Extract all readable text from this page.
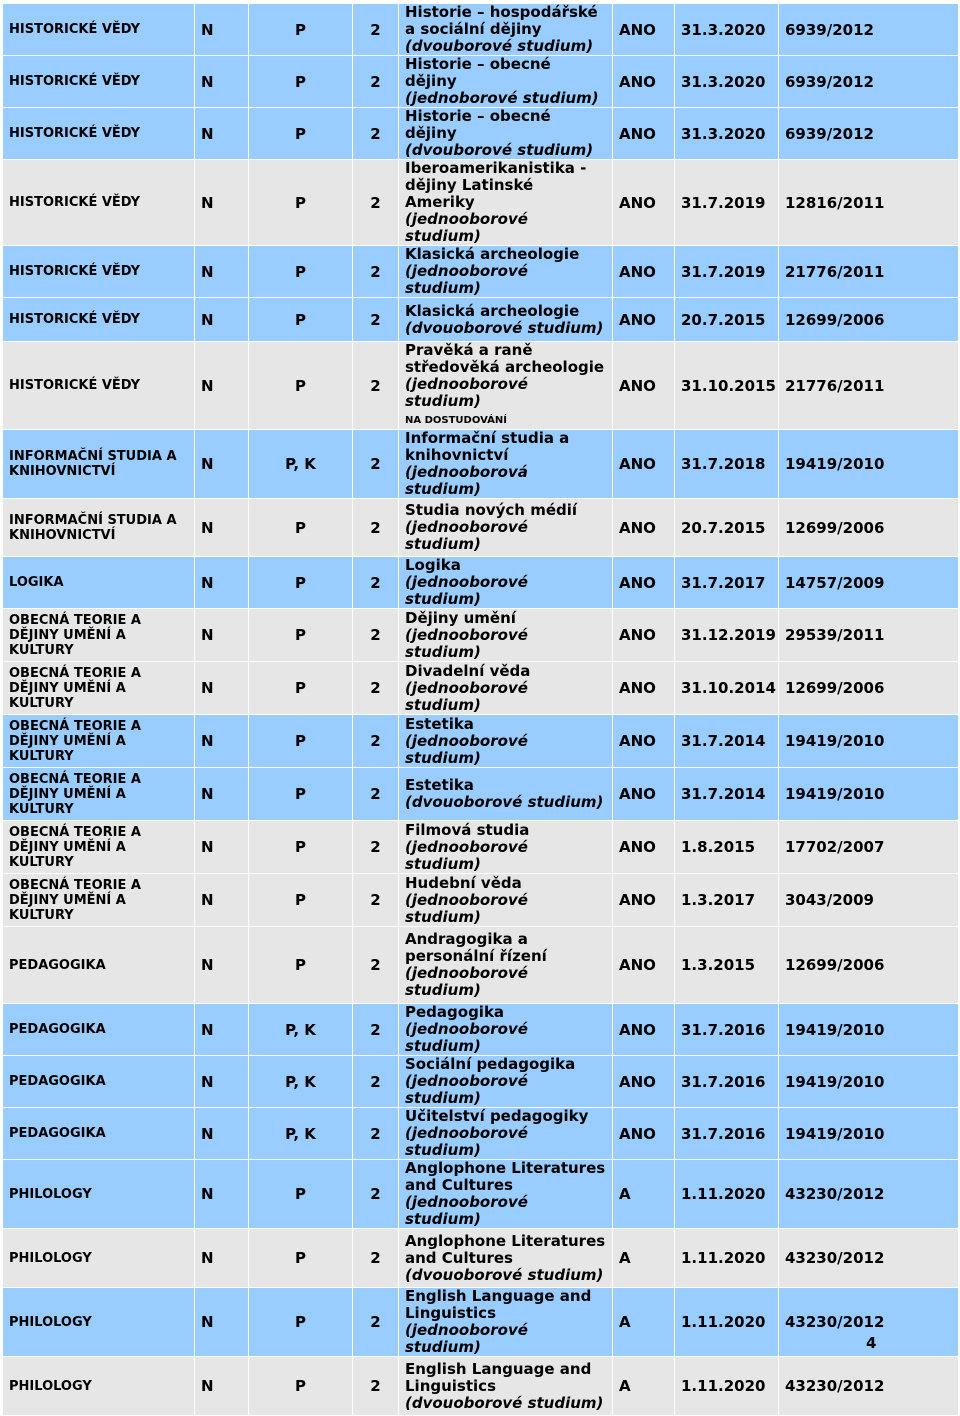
HISTORICKÉ VĚDY	N	P	2	Historie – hospodářské a sociální dějiny
(dvouborové studium)	ANO	31.3.2020	6939/2012
HISTORICKÉ VĚDY	N	P	2	Historie – obecné dějiny
(jednoborové studium)	ANO	31.3.2020	6939/2012
HISTORICKÉ VĚDY	N	P	2	Historie – obecné dějiny
(dvouborové studium)	ANO	31.3.2020	6939/2012
HISTORICKÉ VĚDY	N	P	2	Iberoamerikanistika - dějiny Latinské Ameriky
(jednooborové studium)	ANO	31.7.2019	12816/2011
HISTORICKÉ VĚDY	N	P	2	Klasická archeologie
(jednooborové studium)	ANO	31.7.2019	21776/2011
HISTORICKÉ VĚDY	N	P	2	Klasická archeologie
(dvouoborové studium)	ANO	20.7.2015	12699/2006
HISTORICKÉ VĚDY	N	P	2	Pravěká a raně středověká archeologie
(jednooborové studium)
NA DOSTUDOVÁNÍ	ANO	31.10.2015	21776/2011
INFORMAČNÍ STUDIA A KNIHOVNICTVÍ	N	P, K	2	Informační studia a knihovnictví
(jednooborová studium)	ANO	31.7.2018	19419/2010
INFORMAČNÍ STUDIA A KNIHOVNICTVÍ	N	P	2	Studia nových médií
(jednooborové studium)	ANO	20.7.2015	12699/2006
LOGIKA	N	P	2	Logika
(jednooborové studium)	ANO	31.7.2017	14757/2009
OBECNÁ TEORIE A DĚJINY UMĚNÍ A KULTURY	N	P	2	Dějiny umění
(jednooborové studium)	ANO	31.12.2019	29539/2011
OBECNÁ TEORIE A DĚJINY UMĚNÍ A KULTURY	N	P	2	Divadelní věda
(jednooborové studium)	ANO	31.10.2014	12699/2006
OBECNÁ TEORIE A DĚJINY UMĚNÍ A KULTURY	N	P	2	Estetika
(jednooborové studium)	ANO	31.7.2014	19419/2010
OBECNÁ TEORIE A DĚJINY UMĚNÍ A KULTURY	N	P	2	Estetika
(dvouoborové studium)	ANO	31.7.2014	19419/2010
OBECNÁ TEORIE A DĚJINY UMĚNÍ A KULTURY	N	P	2	Filmová studia
(jednooborové studium)	ANO	1.8.2015	17702/2007
OBECNÁ TEORIE A DĚJINY UMĚNÍ A KULTURY	N	P	2	Hudební věda
(jednooborové studium)	ANO	1.3.2017	3043/2009
PEDAGOGIKA	N	P	2	Andragogika a personální řízení
(jednooborové studium)	ANO	1.3.2015	12699/2006
PEDAGOGIKA	N	P, K	2	Pedagogika
(jednooborové studium)	ANO	31.7.2016	19419/2010
PEDAGOGIKA	N	P, K	2	Sociální pedagogika
(jednooborové studium)	ANO	31.7.2016	19419/2010
PEDAGOGIKA	N	P, K	2	Učitelství pedagogiky
(jednooborové studium)	ANO	31.7.2016	19419/2010
PHILOLOGY	N	P	2	Anglophone Literatures and Cultures
(jednooborové studium)	A	1.11.2020	43230/2012
PHILOLOGY	N	P	2	Anglophone Literatures and Cultures
(dvouoborové studium)	A	1.11.2020	43230/2012
PHILOLOGY	N	P	2	English Language and Linguistics
(jednooborové studium)	A	1.11.2020	43230/2012
PHILOLOGY	N	P	2	English Language and Linguistics
(dvouoborové studium)	A	1.11.2020	43230/2012
4
